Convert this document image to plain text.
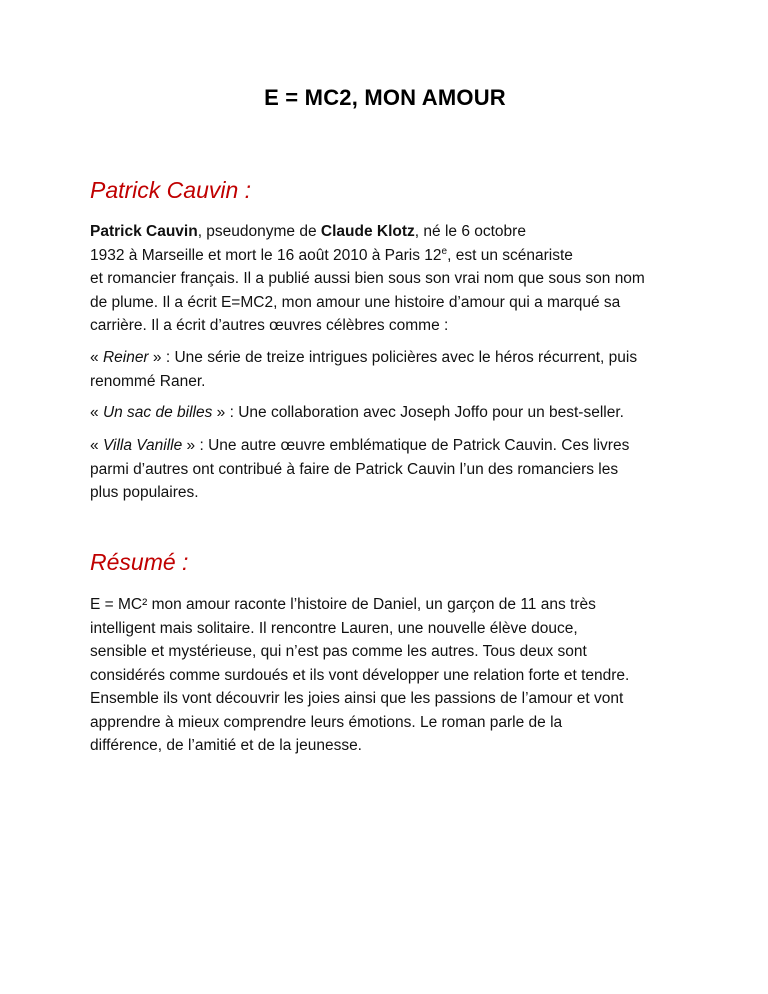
E = MC2, MON AMOUR
Patrick Cauvin :

Patrick Cauvin, pseudonyme de Claude Klotz, né le 6 octobre

1932 à Marseille et mort le 16 août 2010 à Paris 12e, est un scénariste

et romancier français. Il a publié aussi bien sous son vrai nom que sous son nom

de plume. Il a écrit E=MC2, mon amour une histoire d’amour qui a marqué sa

carrière. Il a écrit d’autres œuvres célèbres comme :

« Reiner » : Une série de treize intrigues policières avec le héros récurrent, puis

renommé Raner.

« Un sac de billes » : Une collaboration avec Joseph Joffo pour un best-seller.

« Villa Vanille » : Une autre œuvre emblématique de Patrick Cauvin. Ces livres

parmi d’autres ont contribué à faire de Patrick Cauvin l’un des romanciers les

plus populaires.

Résumé :

E = MC² mon amour raconte l’histoire de Daniel, un garçon de 11 ans très

intelligent mais solitaire. Il rencontre Lauren, une nouvelle élève douce,

sensible et mystérieuse, qui n’est pas comme les autres. Tous deux sont

considérés comme surdoués et ils vont développer une relation forte et tendre.

Ensemble ils vont découvrir les joies ainsi que les passions de l’amour et vont

apprendre à mieux comprendre leurs émotions. Le roman parle de la

différence, de l’amitié et de la jeunesse.
